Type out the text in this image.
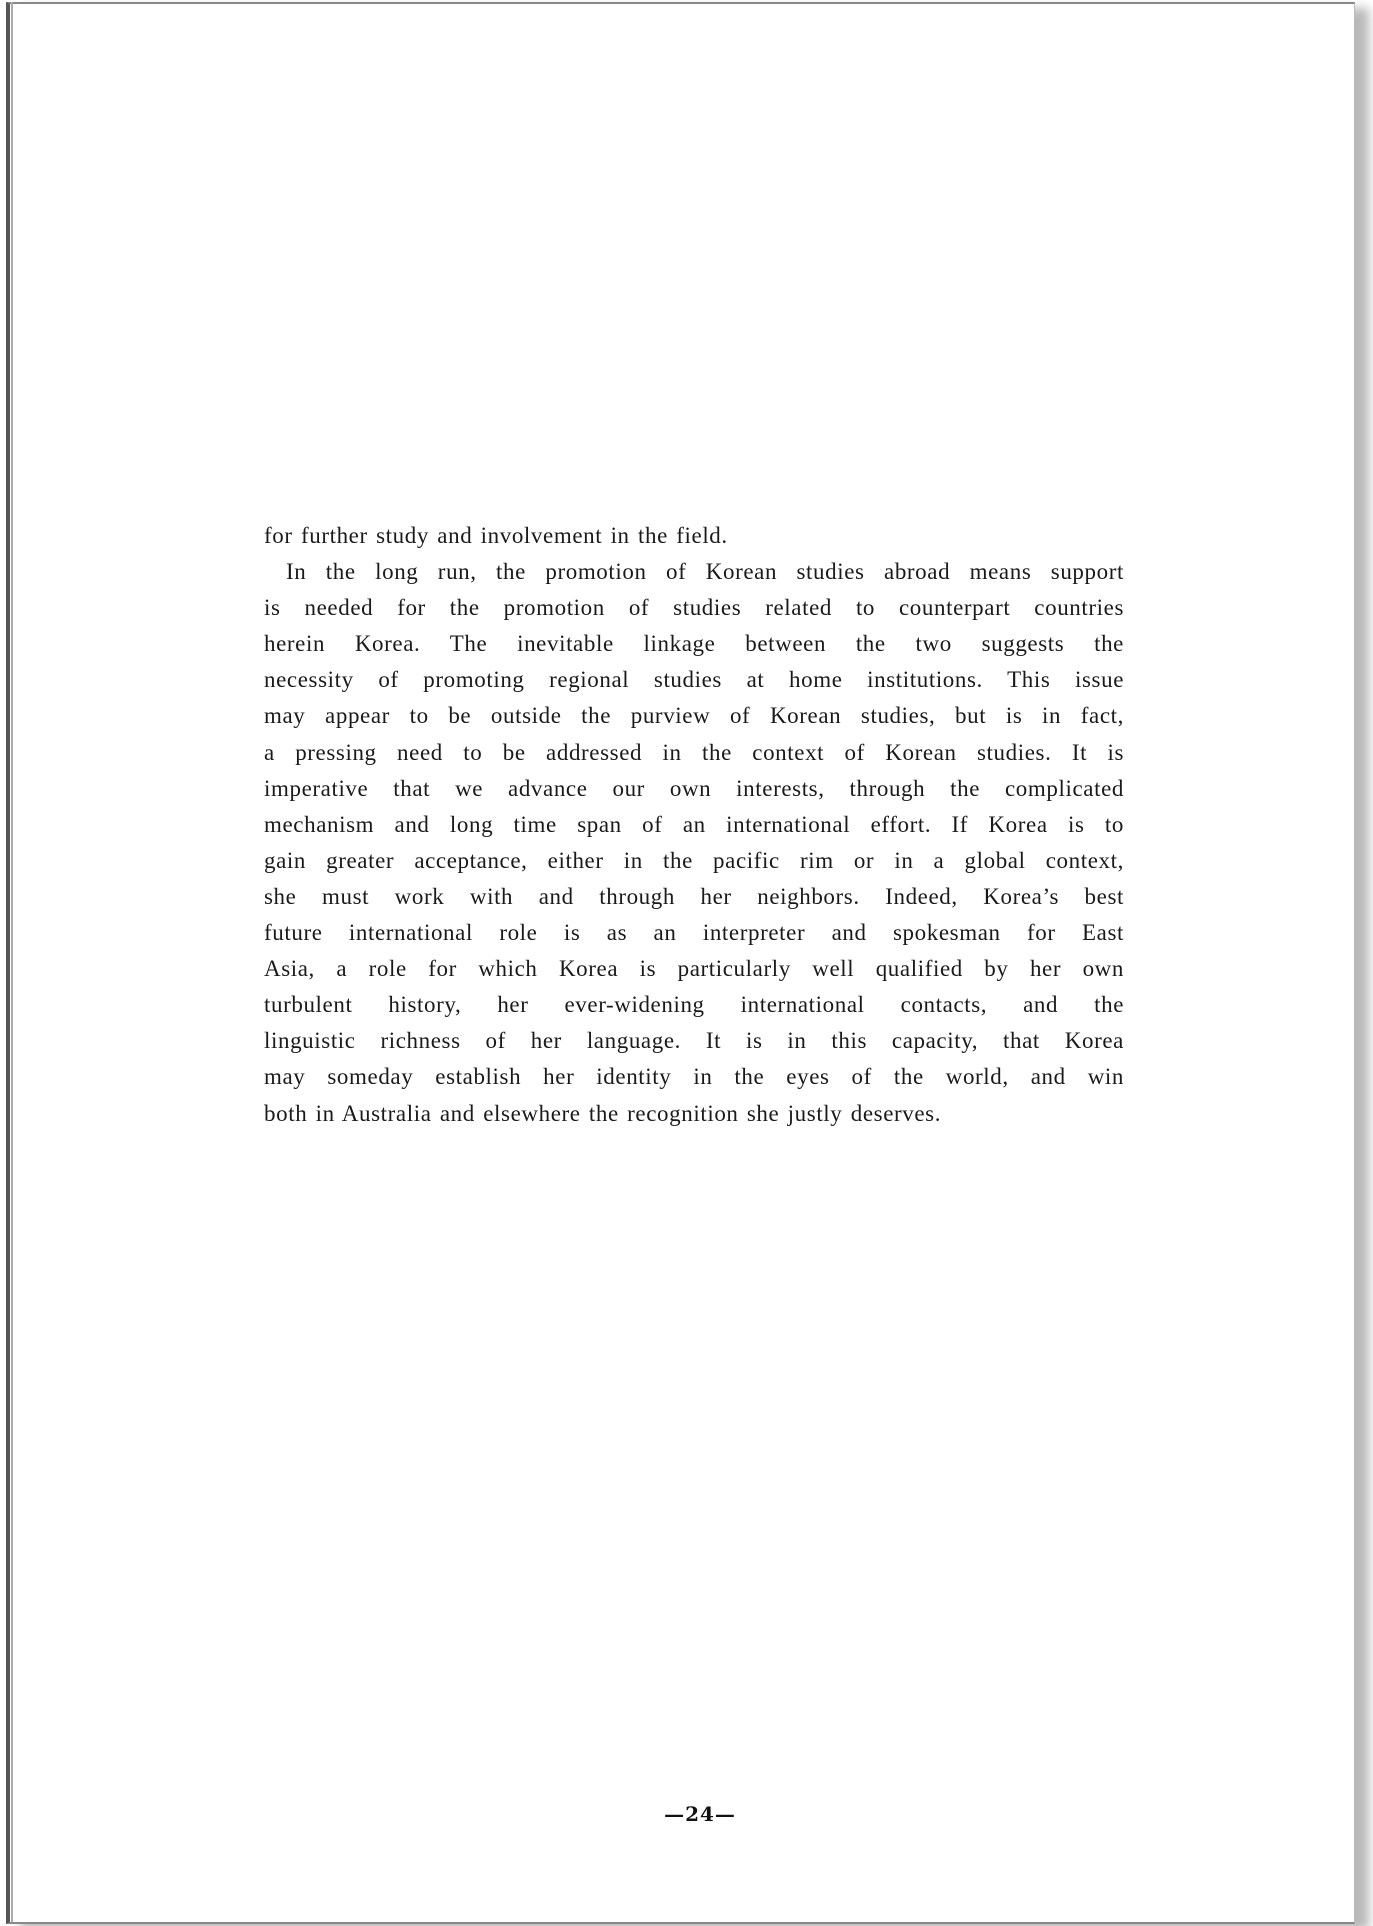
for further study and involvement in the field.
In the long run, the promotion of Korean studies abroad means support
is needed for the promotion of studies related to counterpart countries
herein Korea. The inevitable linkage between the two suggests the
necessity of promoting regional studies at home institutions. This issue
may appear to be outside the purview of Korean studies, but is in fact,
a pressing need to be addressed in the context of Korean studies. It is
imperative that we advance our own interests, through the complicated
mechanism and long time span of an international effort. If Korea is to
gain greater acceptance, either in the pacific rim or in a global context,
she must work with and through her neighbors. Indeed, Korea’s best
future international role is as an interpreter and spokesman for East
Asia, a role for which Korea is particularly well qualified by her own
turbulent history, her ever-widening international contacts, and the
linguistic richness of her language. It is in this capacity, that Korea
may someday establish her identity in the eyes of the world, and win
both in Australia and elsewhere the recognition she justly deserves.
—24—
